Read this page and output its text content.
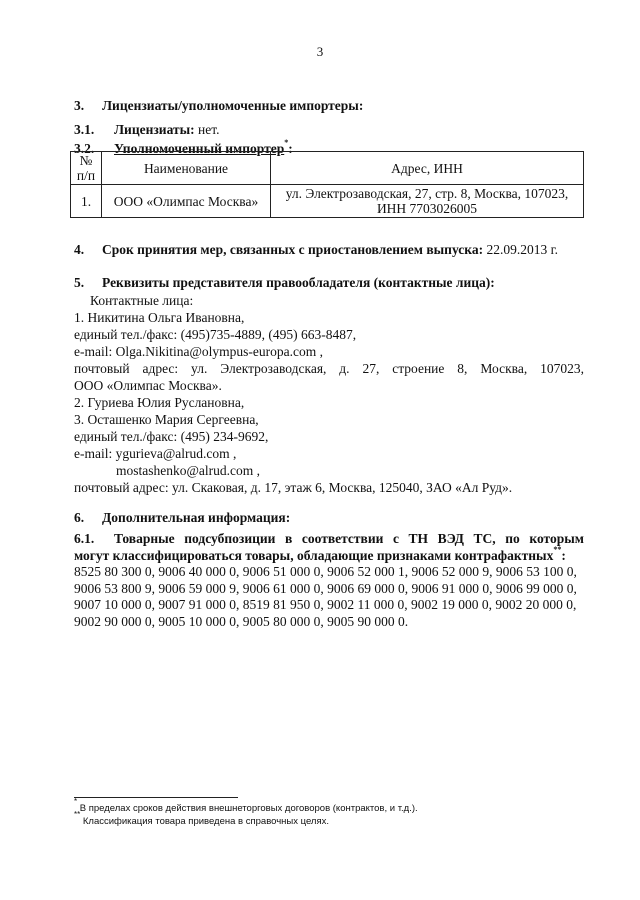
3
3. Лицензиаты/уполномоченные импортеры:
3.1. Лицензиаты: нет.
3.2. Уполномоченный импортер*:
№
п/п	Наименование	Адрес, ИНН
1.	ООО «Олимпас Москва»	ул. Электрозаводская, 27, стр. 8, Москва, 107023,
ИНН 7703026005
4. Срок принятия мер, связанных с приостановлением выпуска: 22.09.2013 г.
5. Реквизиты представителя правообладателя (контактные лица):
Контактные лица:
1. Никитина Ольга Ивановна,
единый тел./факс: (495)735-4889, (495) 663-8487,
e-mail: Olga.Nikitina@olympus-europa.com ,
почтовый адрес: ул. Электрозаводская, д. 27, строение 8, Москва, 107023,
ООО «Олимпас Москва».
2. Гуриева Юлия Руслановна,
3. Осташенко Мария Сергеевна,
единый тел./факс: (495) 234-9692,
e-mail: ygurieva@alrud.com ,
mostashenko@alrud.com ,
почтовый адрес: ул. Скаковая, д. 17, этаж 6, Москва, 125040, ЗАО «Ал Руд».
6. Дополнительная информация:
6.1. Товарные подсубпозиции в соответствии с ТН ВЭД ТС, по которым
могут классифицироваться товары, обладающие признаками контрафактных**:
8525 80 300 0, 9006 40 000 0, 9006 51 000 0, 9006 52 000 1, 9006 52 000 9, 9006 53 100 0,
9006 53 800 9, 9006 59 000 9, 9006 61 000 0, 9006 69 000 0, 9006 91 000 0, 9006 99 000 0,
9007 10 000 0, 9007 91 000 0, 8519 81 950 0, 9002 11 000 0, 9002 19 000 0, 9002 20 000 0,
9002 90 000 0, 9005 10 000 0, 9005 80 000 0, 9005 90 000 0.
* В пределах сроков действия внешнеторговых договоров (контрактов, и т.д.).
** Классификация товара приведена в справочных целях.
